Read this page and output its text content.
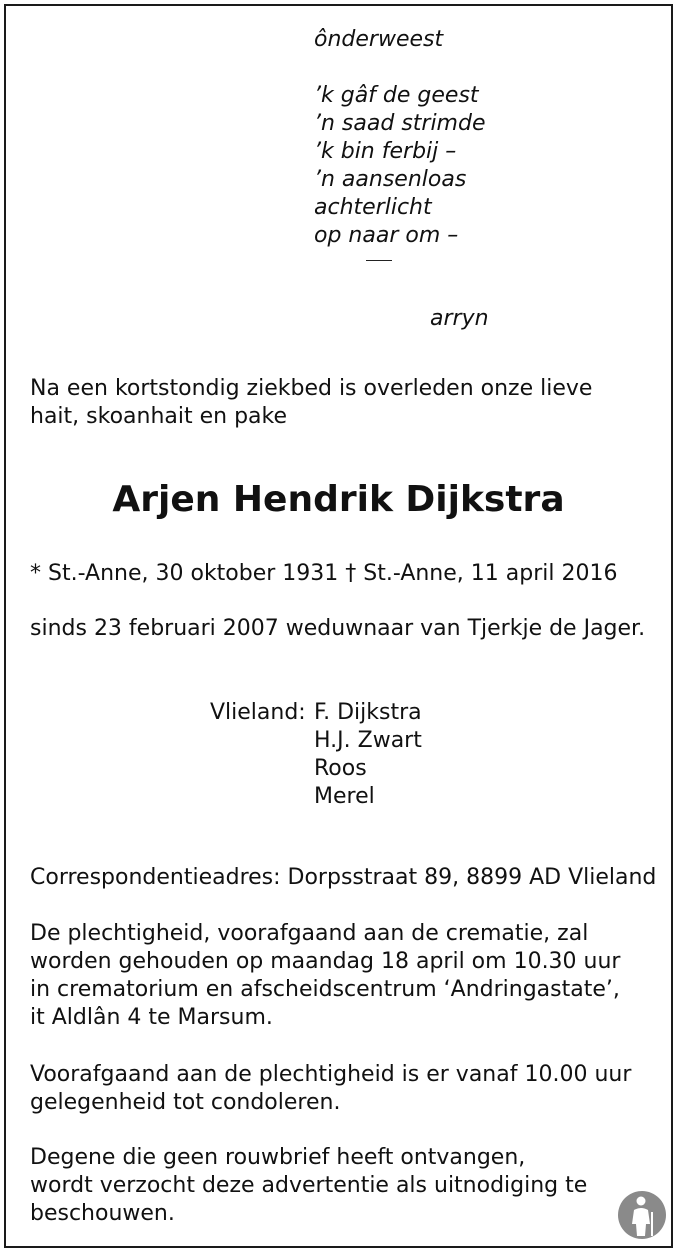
ônderweest
’k gâf de geest
’n saad strimde
’k bin ferbij –
’n aansenloas
achterlicht
op naar om –
arryn
Na een kortstondig ziekbed is overleden onze lieve
hait, skoanhait en pake
Arjen Hendrik Dijkstra
* St.-Anne, 30 oktober 1931 † St.-Anne, 11 april 2016
sinds 23 februari 2007 weduwnaar van Tjerkje de Jager.
Vlieland: F. Dijkstra
H.J. Zwart
Roos
Merel
Correspondentieadres: Dorpsstraat 89, 8899 AD Vlieland
De plechtigheid, voorafgaand aan de crematie, zal
worden gehouden op maandag 18 april om 10.30 uur
in crematorium en afscheidscentrum ‘Andringastate’,
it Aldlân 4 te Marsum.
Voorafgaand aan de plechtigheid is er vanaf 10.00 uur
gelegenheid tot condoleren.
Degene die geen rouwbrief heeft ontvangen,
wordt verzocht deze advertentie als uitnodiging te
beschouwen.
